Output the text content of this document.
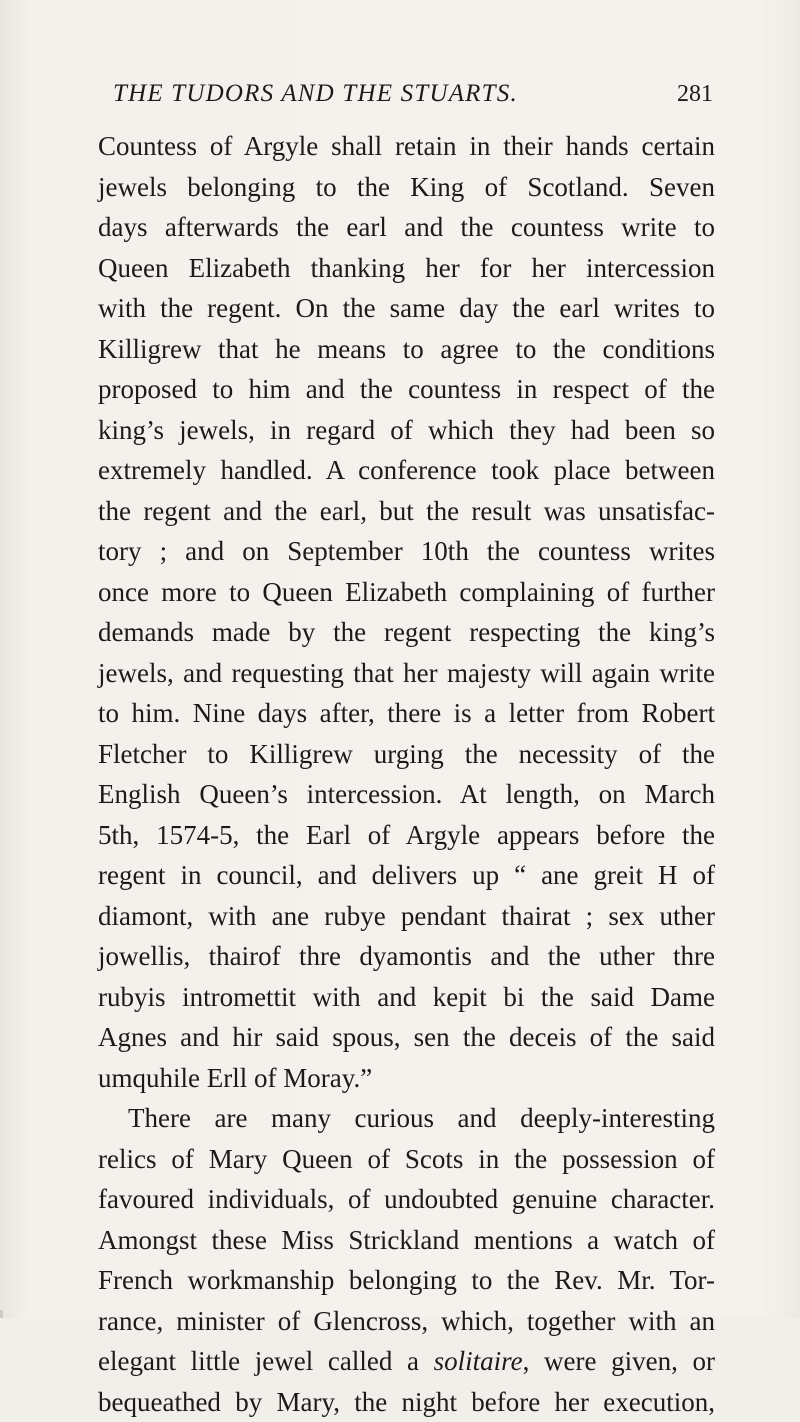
THE TUDORS AND THE STUARTS.	281
Countess of Argyle shall retain in their hands certain
jewels belonging to the King of Scotland. Seven
days afterwards the earl and the countess write to
Queen Elizabeth thanking her for her intercession
with the regent. On the same day the earl writes to
Killigrew that he means to agree to the conditions
proposed to him and the countess in respect of the
king’s jewels, in regard of which they had been so
extremely handled. A conference took place between
the regent and the earl, but the result was unsatisfac-
tory ; and on September 10th the countess writes
once more to Queen Elizabeth complaining of further
demands made by the regent respecting the king’s
jewels, and requesting that her majesty will again write
to him. Nine days after, there is a letter from Robert
Fletcher to Killigrew urging the necessity of the
English Queen’s intercession. At length, on March
5th, 1574-5, the Earl of Argyle appears before the
regent in council, and delivers up “ ane greit H of
diamont, with ane rubye pendant thairat ; sex uther
jowellis, thairof thre dyamontis and the uther thre
rubyis intromettit with and kepit bi the said Dame
Agnes and hir said spous, sen the deceis of the said
umquhile Erll of Moray.”
There are many curious and deeply-interesting
relics of Mary Queen of Scots in the possession of
favoured individuals, of undoubted genuine character.
Amongst these Miss Strickland mentions a watch of
French workmanship belonging to the Rev. Mr. Tor-
rance, minister of Glencross, which, together with an
elegant little jewel called a solitaire, were given, or
bequeathed by Mary, the night before her execution,
